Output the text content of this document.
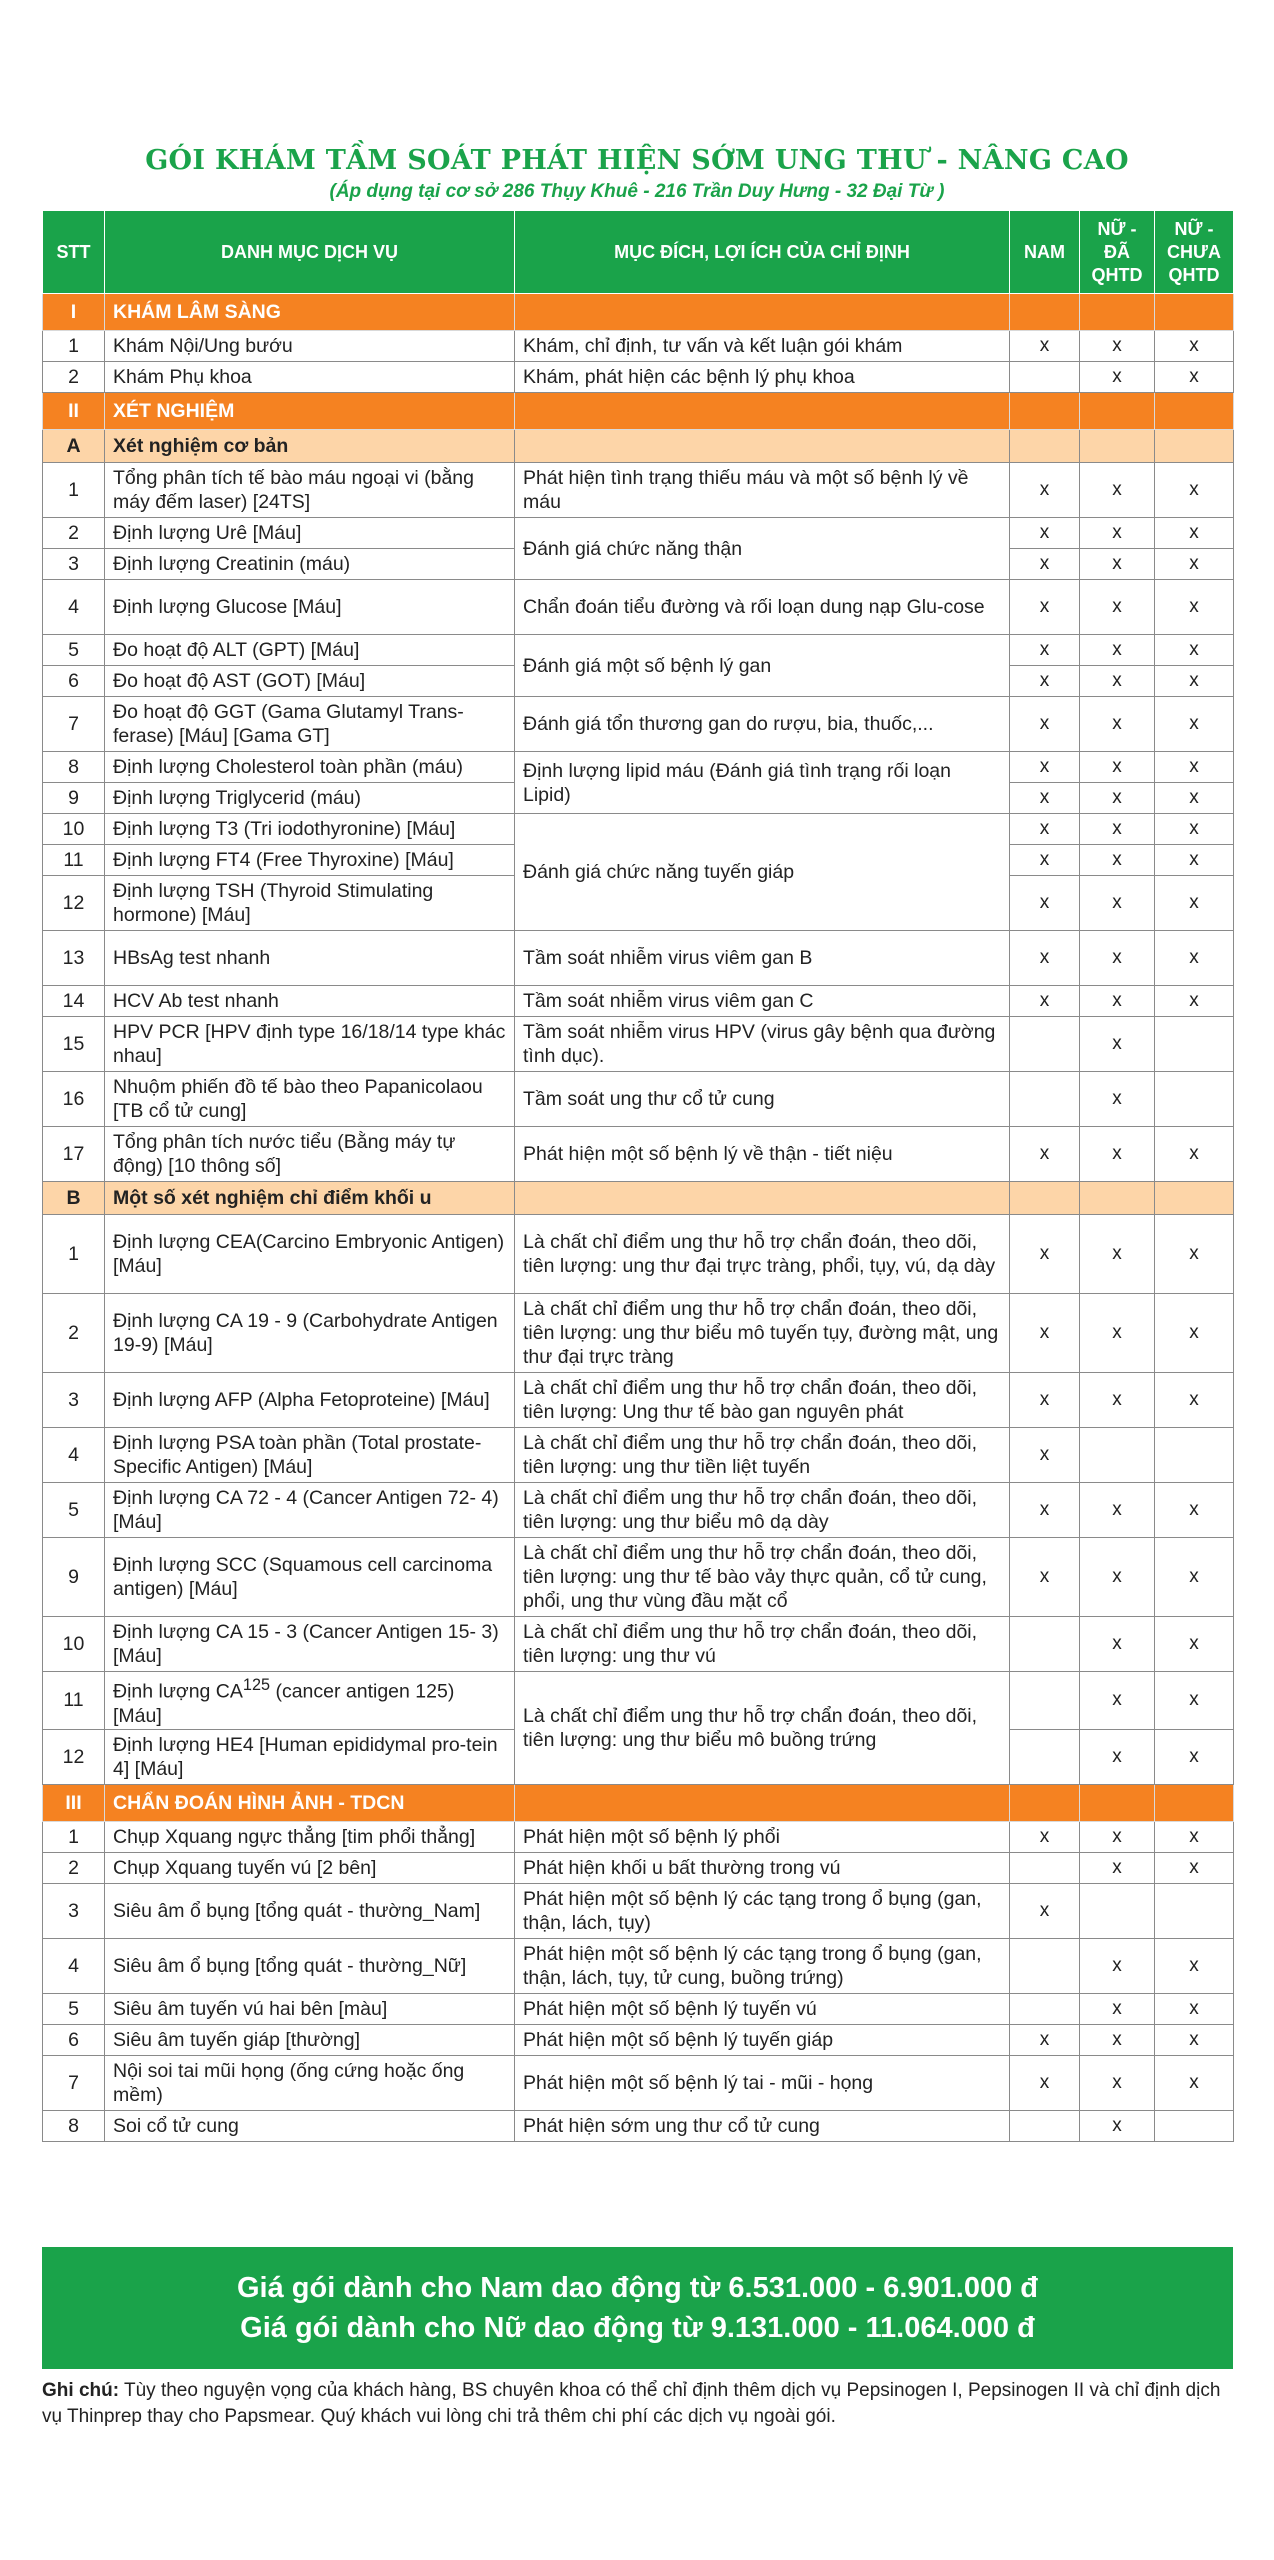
GÓI KHÁM TẦM SOÁT PHÁT HIỆN SỚM UNG THƯ - NÂNG CAO
(Áp dụng tại cơ sở 286 Thụy Khuê - 216 Trần Duy Hưng - 32 Đại Từ )
STT	DANH MỤC DỊCH VỤ	MỤC ĐÍCH, LỢI ÍCH CỦA CHỈ ĐỊNH	NAM	NỮ - ĐÃ QHTD	NỮ - CHƯA QHTD
I	KHÁM LÂM SÀNG				
1	Khám Nội/Ung bướu	Khám, chỉ định, tư vấn và kết luận gói khám	x	x	x
2	Khám Phụ khoa	Khám, phát hiện các bệnh lý phụ khoa		x	x
II	XÉT NGHIỆM				
A	Xét nghiệm cơ bản				
1	Tổng phân tích tế bào máu ngoại vi (bằng máy đếm laser) [24TS]	Phát hiện tình trạng thiếu máu và một số bệnh lý về máu	x	x	x
2	Định lượng Urê [Máu]	Đánh giá chức năng thận	x	x	x
3	Định lượng Creatinin (máu)		x	x	x
4	Định lượng Glucose [Máu]	Chẩn đoán tiểu đường và rối loạn dung nạp Glu-cose	x	x	x
5	Đo hoạt độ ALT (GPT) [Máu]	Đánh giá một số bệnh lý gan	x	x	x
6	Đo hoạt độ AST (GOT) [Máu]		x	x	x
7	Đo hoạt độ GGT (Gama Glutamyl Trans-ferase) [Máu] [Gama GT]	Đánh giá tổn thương gan do rượu, bia, thuốc,...	x	x	x
8	Định lượng Cholesterol toàn phần (máu)	Định lượng lipid máu (Đánh giá tình trạng rối loạn Lipid)	x	x	x
9	Định lượng Triglycerid (máu)		x	x	x
10	Định lượng T3 (Tri iodothyronine) [Máu]	Đánh giá chức năng tuyến giáp	x	x	x
11	Định lượng FT4 (Free Thyroxine) [Máu]		x	x	x
12	Định lượng TSH (Thyroid Stimulating hormone) [Máu]		x	x	x
13	HBsAg test nhanh	Tầm soát nhiễm virus viêm gan B	x	x	x
14	HCV Ab test nhanh	Tầm soát nhiễm virus viêm gan C	x	x	x
15	HPV PCR [HPV định type 16/18/14 type khác nhau]	Tầm soát nhiễm virus HPV (virus gây bệnh qua đường tình dục).		x	
16	Nhuộm phiến đồ tế bào theo Papanicolaou [TB cổ tử cung]	Tầm soát ung thư cổ tử cung		x	
17	Tổng phân tích nước tiểu (Bằng máy tự động) [10 thông số]	Phát hiện một số bệnh lý về thận - tiết niệu	x	x	x
B	Một số xét nghiệm chỉ điểm khối u				
1	Định lượng CEA(Carcino Embryonic Antigen) [Máu]	Là chất chỉ điểm ung thư hỗ trợ chẩn đoán, theo dõi, tiên lượng: ung thư đại trực tràng, phổi, tụy, vú, dạ dày	x	x	x
2	Định lượng CA 19 - 9 (Carbohydrate Antigen 19-9) [Máu]	Là chất chỉ điểm ung thư hỗ trợ chẩn đoán, theo dõi, tiên lượng: ung thư biểu mô tuyến tụy, đường mật, ung thư đại trực tràng	x	x	x
3	Định lượng AFP (Alpha Fetoproteine) [Máu]	Là chất chỉ điểm ung thư hỗ trợ chẩn đoán, theo dõi, tiên lượng: Ung thư tế bào gan nguyên phát	x	x	x
4	Định lượng PSA toàn phần (Total prostate-Specific Antigen) [Máu]	Là chất chỉ điểm ung thư hỗ trợ chẩn đoán, theo dõi, tiên lượng: ung thư tiền liệt tuyến	x		
5	Định lượng CA 72 - 4 (Cancer Antigen 72- 4) [Máu]	Là chất chỉ điểm ung thư hỗ trợ chẩn đoán, theo dõi, tiên lượng: ung thư biểu mô dạ dày	x	x	x
9	Định lượng SCC (Squamous cell carcinoma antigen) [Máu]	Là chất chỉ điểm ung thư hỗ trợ chẩn đoán, theo dõi, tiên lượng: ung thư tế bào vảy thực quản, cổ tử cung, phổi, ung thư vùng đầu mặt cổ	x	x	x
10	Định lượng CA 15 - 3 (Cancer Antigen 15- 3) [Máu]	Là chất chỉ điểm ung thư hỗ trợ chẩn đoán, theo dõi, tiên lượng: ung thư vú		x	x
11	Định lượng CA$^{125}$ (cancer antigen 125) [Máu]	Là chất chỉ điểm ung thư hỗ trợ chẩn đoán, theo dõi, tiên lượng: ung thư biểu mô buồng trứng		x	x
12	Định lượng HE4 [Human epididymal pro-tein 4] [Máu]			x	x
III	CHẨN ĐOÁN HÌNH ẢNH - TDCN				
1	Chụp Xquang ngực thẳng [tim phổi thẳng]	Phát hiện một số bệnh lý phổi	x	x	x
2	Chụp Xquang tuyến vú [2 bên]	Phát hiện khối u bất thường trong vú		x	x
3	Siêu âm ổ bụng [tổng quát - thường_Nam]	Phát hiện một số bệnh lý các tạng trong ổ bụng (gan, thận, lách, tụy)	x		
4	Siêu âm ổ bụng [tổng quát - thường_Nữ]	Phát hiện một số bệnh lý các tạng trong ổ bụng (gan, thận, lách, tụy, tử cung, buồng trứng)		x	x
5	Siêu âm tuyến vú hai bên [màu]	Phát hiện một số bệnh lý tuyến vú		x	x
6	Siêu âm tuyến giáp [thường]	Phát hiện một số bệnh lý tuyến giáp	x	x	x
7	Nội soi tai mũi họng (ống cứng hoặc ống mềm)	Phát hiện một số bệnh lý tai - mũi - họng	x	x	x
8	Soi cổ tử cung	Phát hiện sớm ung thư cổ tử cung		x	
Giá gói dành cho Nam dao động từ 6.531.000 - 6.901.000 đ
Giá gói dành cho Nữ dao động từ 9.131.000 - 11.064.000 đ
Ghi chú: Tùy theo nguyện vọng của khách hàng, BS chuyên khoa có thể chỉ định thêm dịch vụ Pepsinogen I, Pepsinogen II và chỉ định dịch vụ Thinprep thay cho Papsmear. Quý khách vui lòng chi trả thêm chi phí các dịch vụ ngoài gói.
